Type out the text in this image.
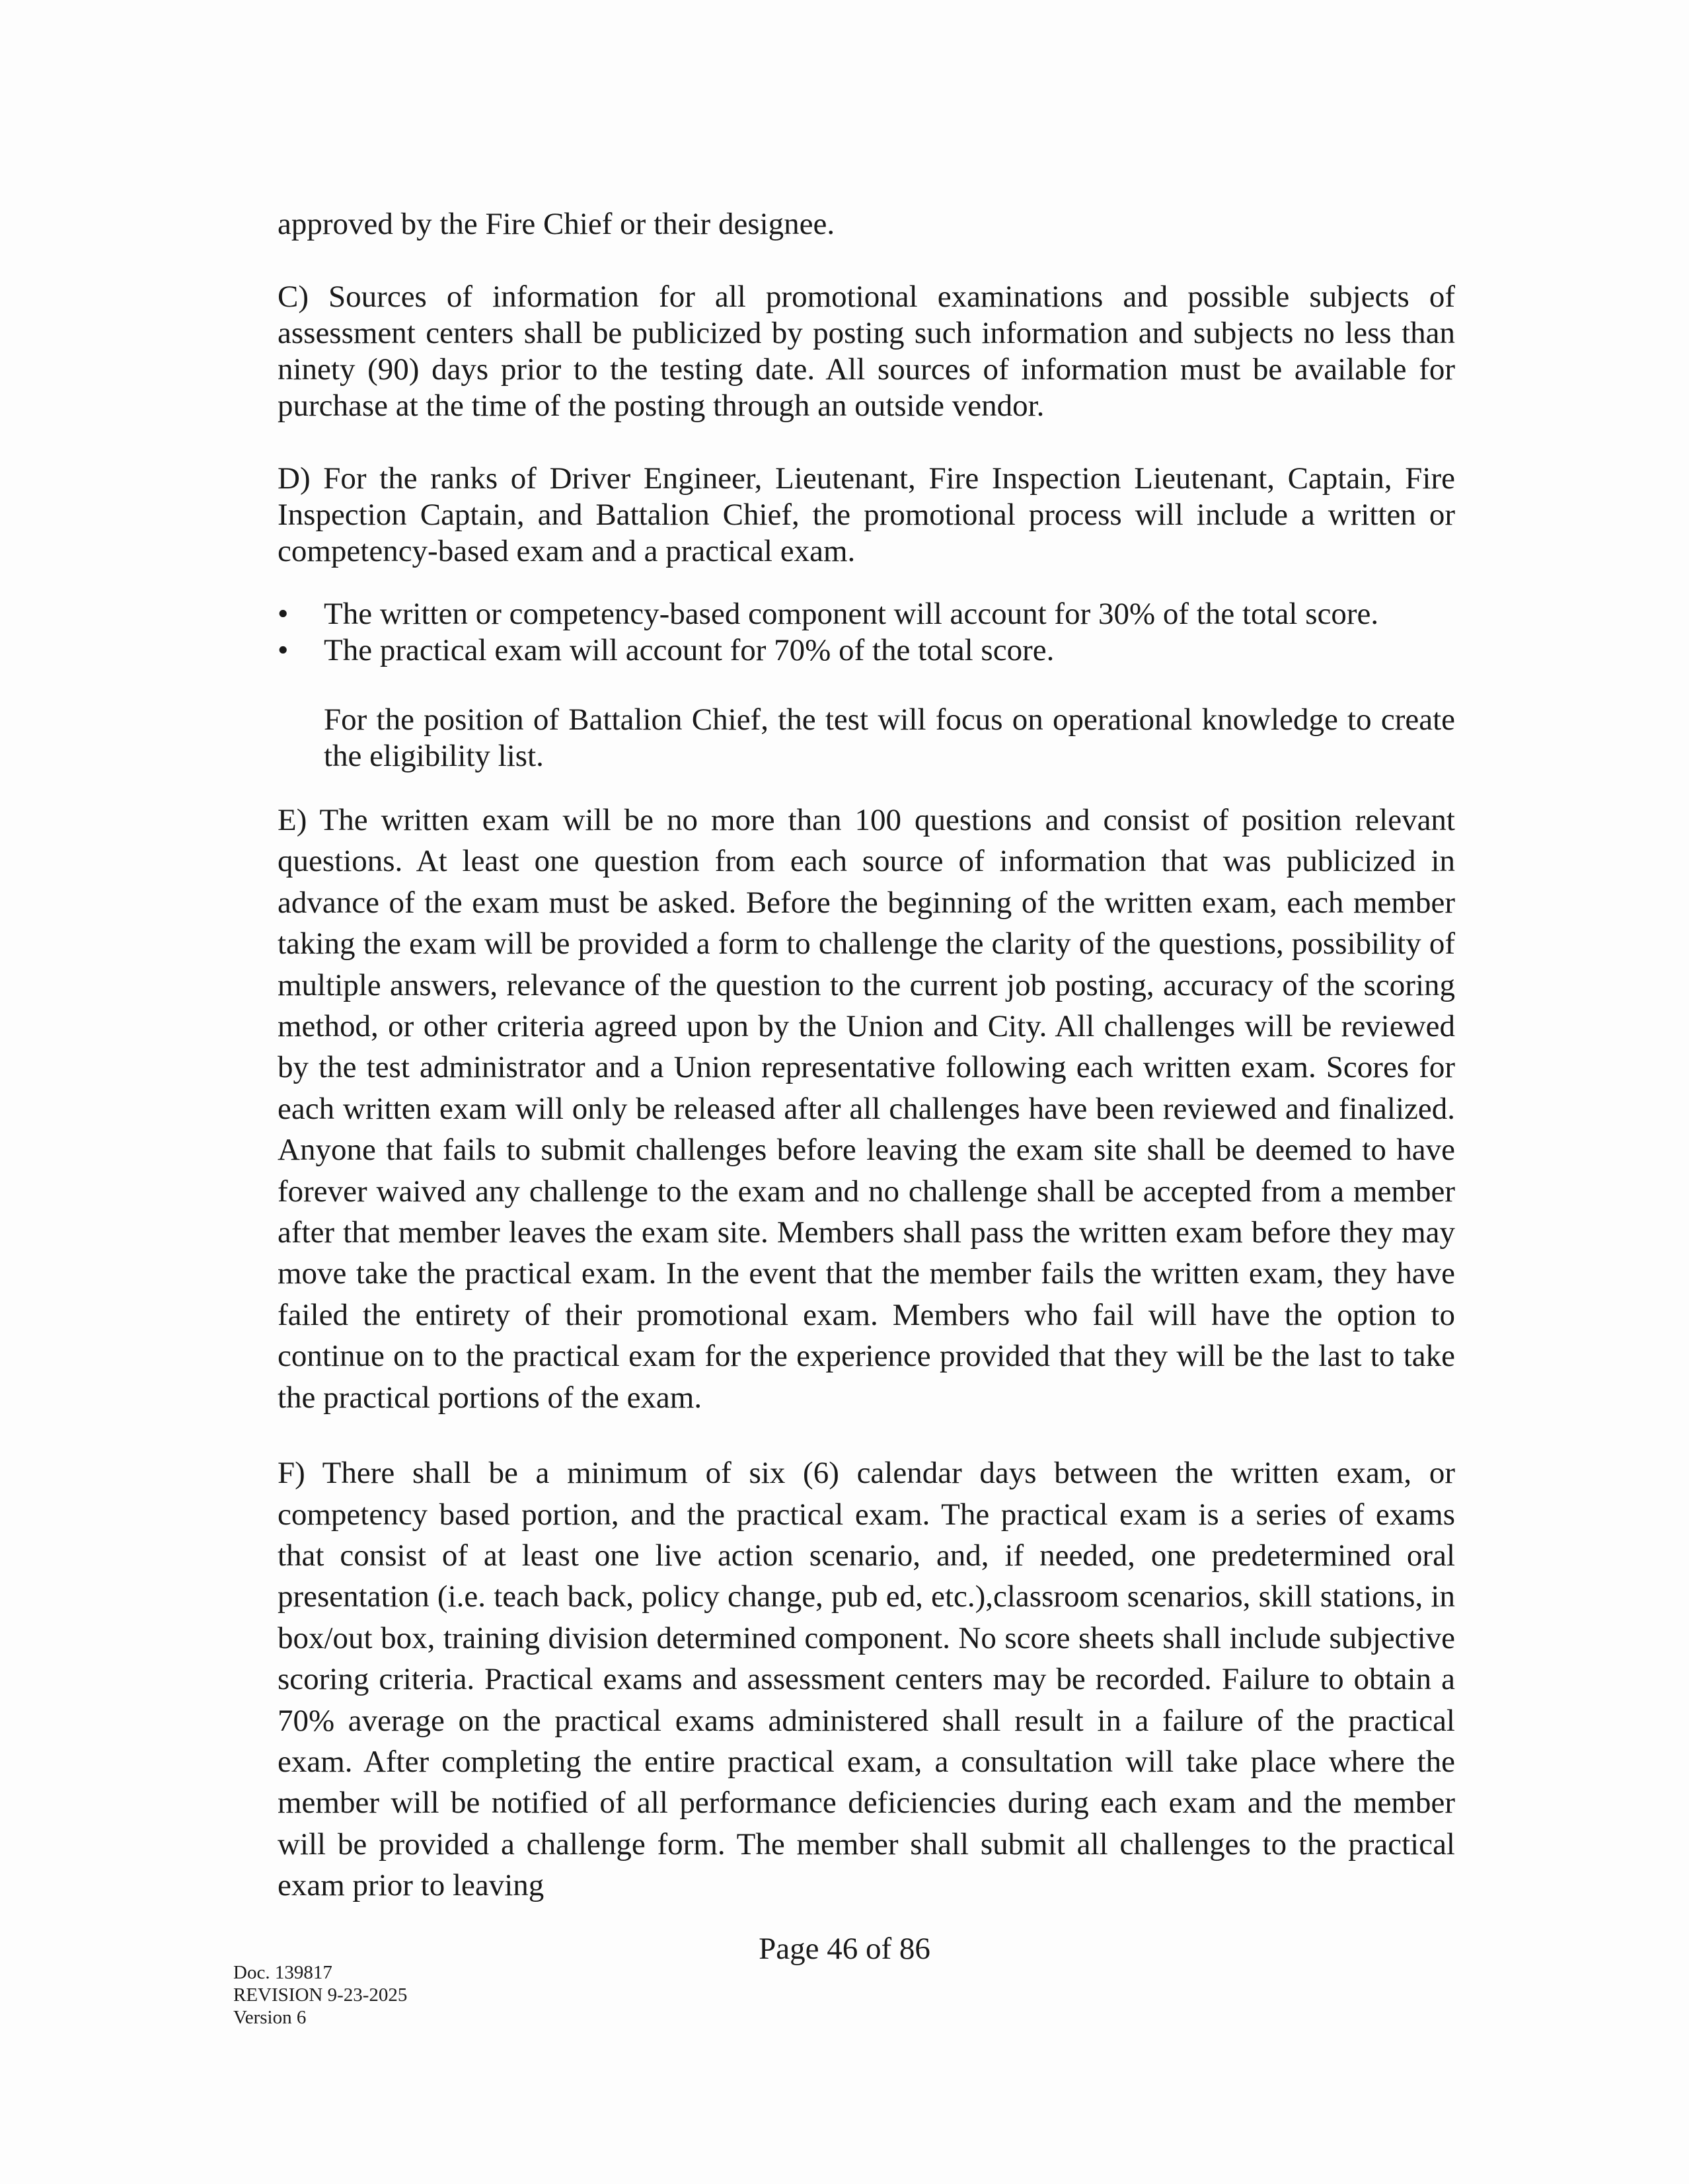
approved by the Fire Chief or their designee.

C) Sources of information for all promotional examinations and possible subjects of assessment centers shall be publicized by posting such information and subjects no less than ninety (90) days prior to the testing date. All sources of information must be available for purchase at the time of the posting through an outside vendor.

D) For the ranks of Driver Engineer, Lieutenant, Fire Inspection Lieutenant, Captain, Fire Inspection Captain, and Battalion Chief, the promotional process will include a written or competency-based exam and a practical exam.

•	The written or competency-based component will account for 30% of the total score.
•	The practical exam will account for 70% of the total score.

For the position of Battalion Chief, the test will focus on operational knowledge to create the eligibility list.

E) The written exam will be no more than 100 questions and consist of position relevant questions. At least one question from each source of information that was publicized in advance of the exam must be asked. Before the beginning of the written exam, each member taking the exam will be provided a form to challenge the clarity of the questions, possibility of multiple answers, relevance of the question to the current job posting, accuracy of the scoring method, or other criteria agreed upon by the Union and City. All challenges will be reviewed by the test administrator and a Union representative following each written exam. Scores for each written exam will only be released after all challenges have been reviewed and finalized. Anyone that fails to submit challenges before leaving the exam site shall be deemed to have forever waived any challenge to the exam and no challenge shall be accepted from a member after that member leaves the exam site. Members shall pass the written exam before they may move take the practical exam. In the event that the member fails the written exam, they have failed the entirety of their promotional exam. Members who fail will have the option to continue on to the practical exam for the experience provided that they will be the last to take the practical portions of the exam.

F) There shall be a minimum of six (6) calendar days between the written exam, or competency based portion, and the practical exam. The practical exam is a series of exams that consist of at least one live action scenario, and, if needed, one predetermined oral presentation (i.e. teach back, policy change, pub ed, etc.),classroom scenarios, skill stations, in box/out box, training division determined component. No score sheets shall include subjective scoring criteria. Practical exams and assessment centers may be recorded. Failure to obtain a 70% average on the practical exams administered shall result in a failure of the practical exam. After completing the entire practical exam, a consultation will take place where the member will be notified of all performance deficiencies during each exam and the member will be provided a challenge form. The member shall submit all challenges to the practical exam prior to leaving

Page 46 of 86
Doc. 139817
REVISION 9-23-2025
Version 6
